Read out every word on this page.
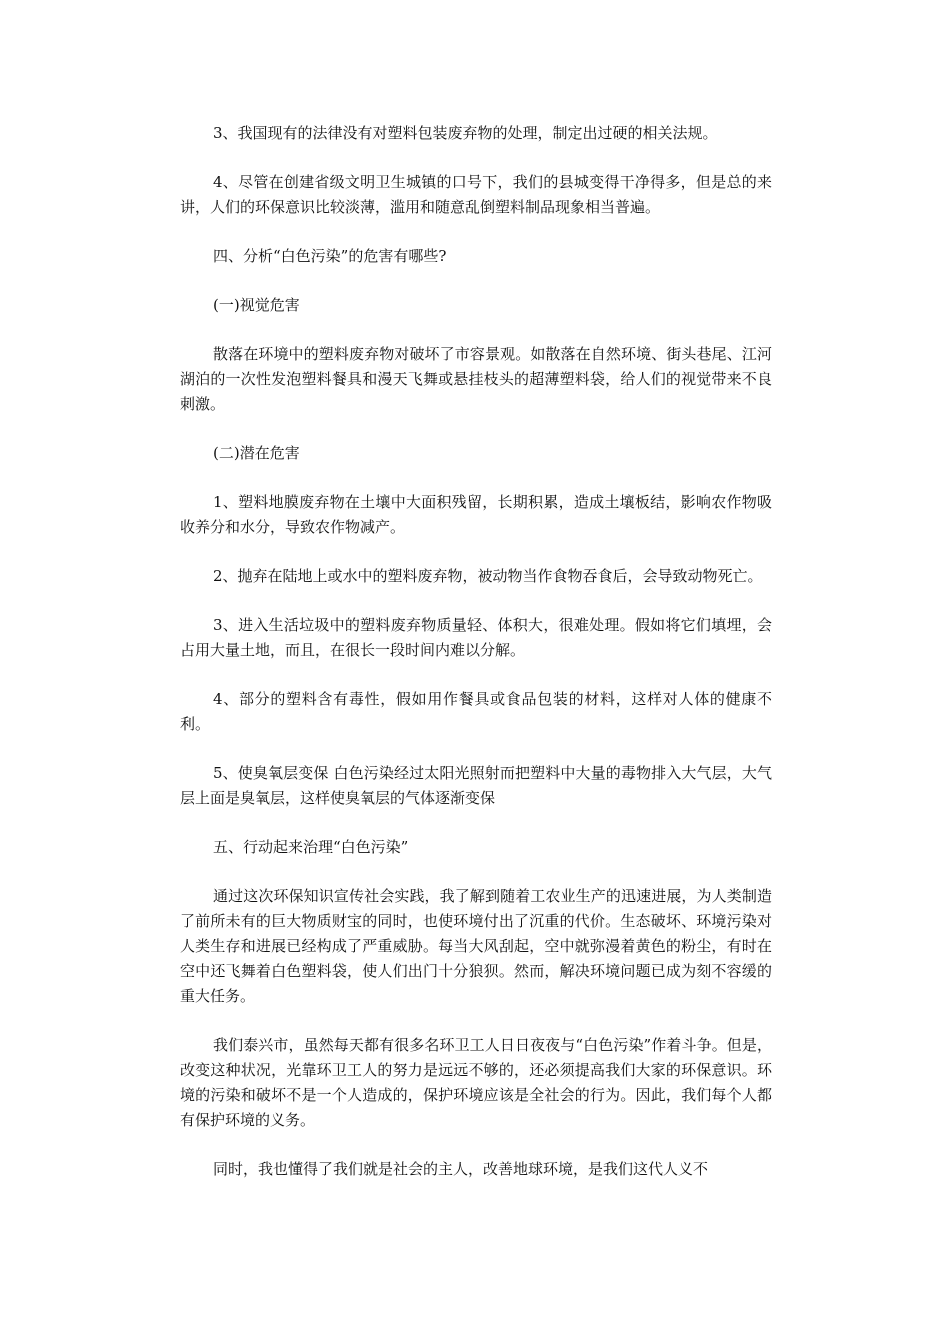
3、我国现有的法律没有对塑料包装废弃物的处理，制定出过硬的相关法规。

4、尽管在创建省级文明卫生城镇的口号下，我们的县城变得干净得多，但是总的来讲，人们的环保意识比较淡薄，滥用和随意乱倒塑料制品现象相当普遍。

四、分析“白色污染”的危害有哪些?

(一)视觉危害

散落在环境中的塑料废弃物对破坏了市容景观。如散落在自然环境、街头巷尾、江河湖泊的一次性发泡塑料餐具和漫天飞舞或悬挂枝头的超薄塑料袋，给人们的视觉带来不良刺激。

(二)潜在危害

1、塑料地膜废弃物在土壤中大面积残留，长期积累，造成土壤板结，影响农作物吸收养分和水分，导致农作物减产。

2、抛弃在陆地上或水中的塑料废弃物，被动物当作食物吞食后，会导致动物死亡。

3、进入生活垃圾中的塑料废弃物质量轻、体积大，很难处理。假如将它们填埋，会占用大量土地，而且，在很长一段时间内难以分解。

4、部分的塑料含有毒性，假如用作餐具或食品包装的材料，这样对人体的健康不利。

5、使臭氧层变保 白色污染经过太阳光照射而把塑料中大量的毒物排入大气层，大气层上面是臭氧层，这样使臭氧层的气体逐渐变保

五、行动起来治理“白色污染”

通过这次环保知识宣传社会实践，我了解到随着工农业生产的迅速进展，为人类制造了前所未有的巨大物质财宝的同时，也使环境付出了沉重的代价。生态破坏、环境污染对人类生存和进展已经构成了严重威胁。每当大风刮起，空中就弥漫着黄色的粉尘，有时在空中还飞舞着白色塑料袋，使人们出门十分狼狈。然而，解决环境问题已成为刻不容缓的重大任务。

我们泰兴市，虽然每天都有很多名环卫工人日日夜夜与“白色污染”作着斗争。但是，改变这种状况，光靠环卫工人的努力是远远不够的，还必须提高我们大家的环保意识。环境的污染和破坏不是一个人造成的，保护环境应该是全社会的行为。因此，我们每个人都有保护环境的义务。

同时，我也懂得了我们就是社会的主人，改善地球环境，是我们这代人义不
